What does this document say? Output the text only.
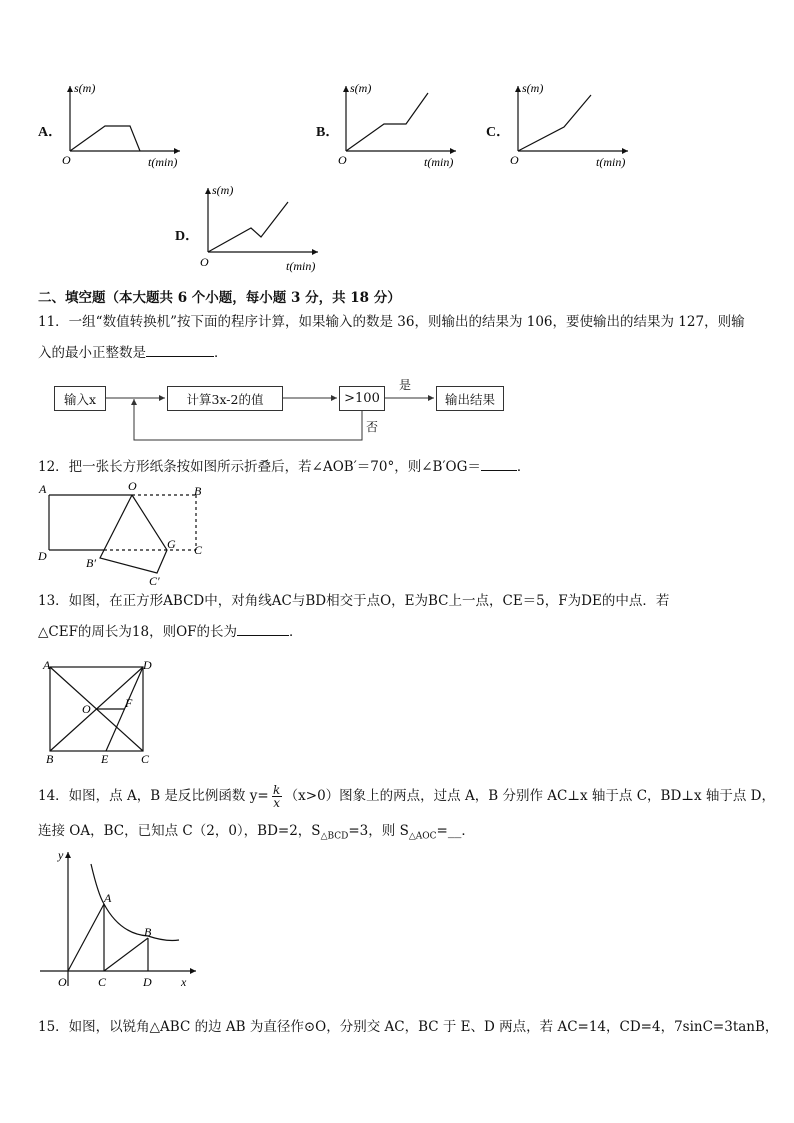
A．
s(m)
t(min)
O
B．
s(m)
t(min)
O
C．
s(m)
t(min)
O
D．
s(m)
t(min)
O
二、填空题（本大题共 6 个小题，每小题 3 分，共 18 分）
11．一组“数值转换机”按下面的程序计算，如果输入的数是 36，则输出的结果为 106，要使输出的结果为 127，则输
入的最小正整数是	．
输入x	计算3x-2的值	>100	输出结果
是
否
12．把一张长方形纸条按如图所示折叠后，若∠AOB′＝70°，则∠B′OG＝	．
A	O	B
D
G C
B′
C′
13．如图，在正方形ABCD中，对角线AC与BD相交于点O，E为BC上一点，CE＝5，F为DE的中点．若
△CEF的周长为18，则OF的长为	．
A	D
O	F
B	E	C
14．如图，点 A，B 是反比例函数 $y= \frac{k}{x} (x>0)$图象上的两点，过点 A，B 分别作 AC⊥x 轴于点 C，BD⊥x 轴于点 D，
连接 OA，BC，已知点 C（2，0），BD=2，$S_{\triangle BCD}=3$，则 $S_{\triangle AOC}=\_\_$．
y
A
B
O	C	D x
15．如图，以锐角△ABC 的边 AB 为直径作⊙O，分别交 AC，BC 于 E、D 两点，若 AC=14，CD=4，7sinC=3tanB，
